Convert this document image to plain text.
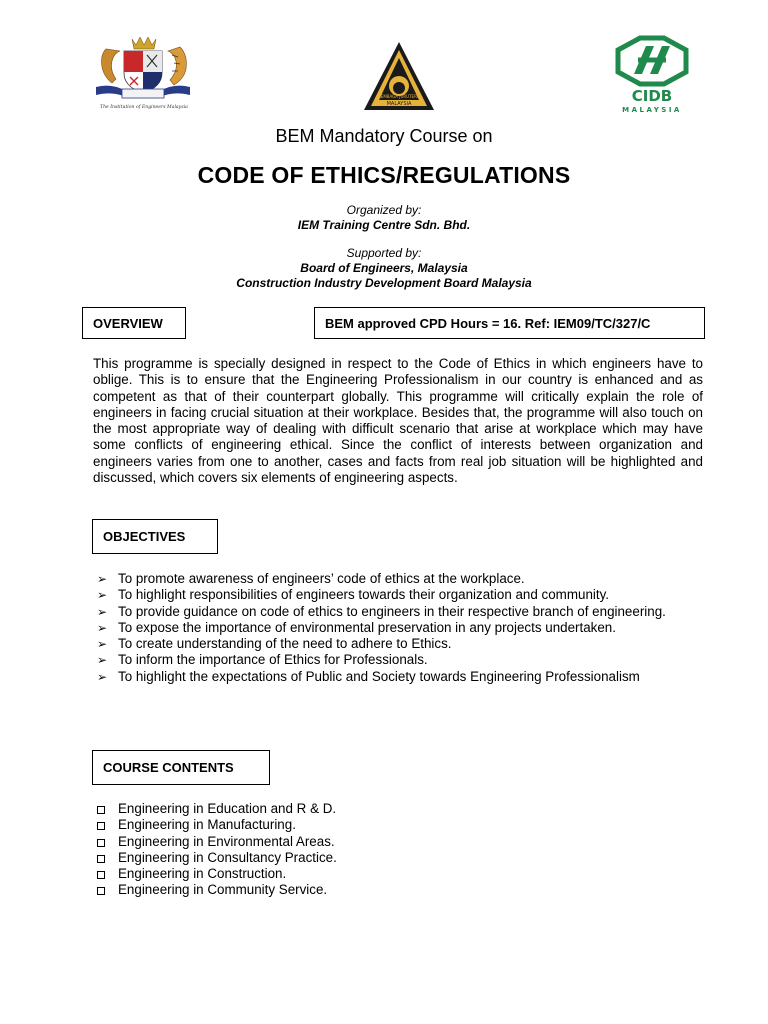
The Institution of Engineers Malaysia
LEMBAGA JURUTERA
MALAYSIA	CIDB
MALAYSIA
BEM Mandatory Course on
CODE OF ETHICS/REGULATIONS
Organized by:
IEM Training Centre Sdn. Bhd.
Supported by:
Board of Engineers, Malaysia
Construction Industry Development Board Malaysia
OVERVIEW	BEM approved CPD Hours = 16. Ref: IEM09/TC/327/C
This programme is specially designed in respect to the Code of Ethics in which engineers have to oblige. This is to ensure that the Engineering Professionalism in our country is enhanced and as competent as that of their counterpart globally. This programme will critically explain the role of engineers in facing crucial situation at their workplace. Besides that, the programme will also touch on the most appropriate way of dealing with difficult scenario that arise at workplace which may have some conflicts of engineering ethical. Since the conflict of interests between organization and engineers varies from one to another, cases and facts from real job situation will be highlighted and discussed, which covers six elements of engineering aspects.
OBJECTIVES
➢ To promote awareness of engineers’ code of ethics at the workplace.
➢ To highlight responsibilities of engineers towards their organization and community.
➢ To provide guidance on code of ethics to engineers in their respective branch of engineering.
➢ To expose the importance of environmental preservation in any projects undertaken.
➢ To create understanding of the need to adhere to Ethics.
➢ To inform the importance of Ethics for Professionals.
➢ To highlight the expectations of Public and Society towards Engineering Professionalism
COURSE CONTENTS
Engineering in Education and R & D.
Engineering in Manufacturing.
Engineering in Environmental Areas.
Engineering in Consultancy Practice.
Engineering in Construction.
Engineering in Community Service.
